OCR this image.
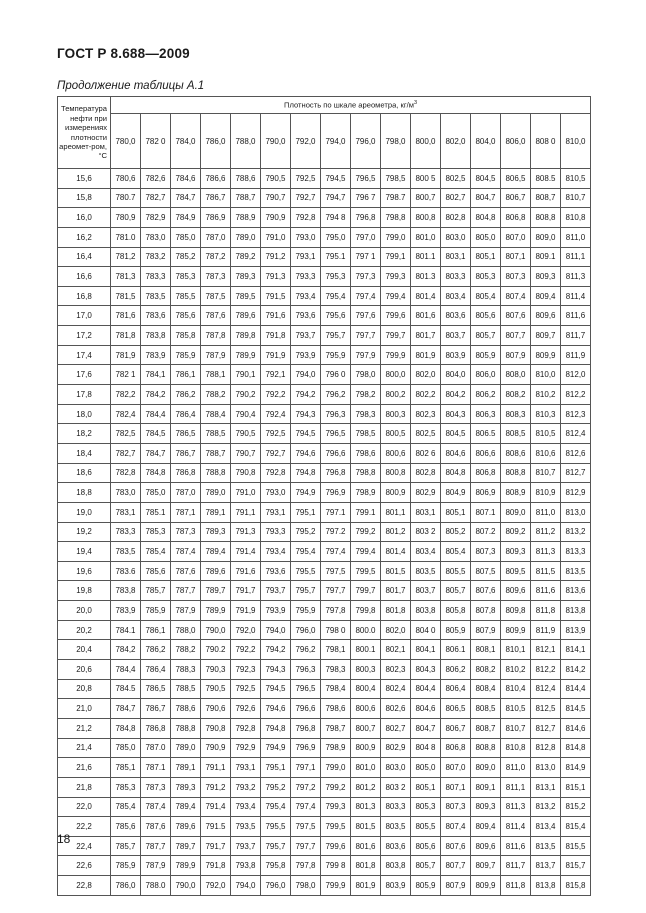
ГОСТ Р 8.688—2009
Продолжение таблицы А.1
Температура нефти при измерениях плотности ареомет-ром, °С	Плотность по шкале ареометра, $кг/м^3$
	780,0	782 0	784,0	786,0	788,0	790,0	792,0	794,0	796,0	798,0	800,0	802,0	804,0	806,0	808 0	810,0
15,6	780,6	782,6	784,6	786,6	788,6	790,5	792,5	794,5	796,5	798,5	800 5	802,5	804,5	806,5	808.5	810,5
15,8	780.7	782,7	784,7	786,7	788,7	790,7	792,7	794,7	796 7	798.7	800,7	802,7	804,7	806,7	808,7	810,7
16,0	780,9	782,9	784,9	786,9	788,9	790,9	792,8	794 8	796,8	798,8	800,8	802,8	804,8	806,8	808,8	810,8
16,2	781.0	783,0	785,0	787,0	789,0	791,0	793,0	795,0	797,0	799,0	801,0	803,0	805,0	807,0	809,0	811,0
16,4	781,2	783,2	785,2	787,2	789,2	791,2	793,1	795.1	797 1	799,1	801.1	803,1	805,1	807,1	809.1	811,1
16,6	781,3	783,3	785,3	787,3	789,3	791,3	793,3	795,3	797,3	799,3	801.3	803,3	805,3	807,3	809,3	811,3
16,8	781,5	783,5	785,5	787,5	789,5	791,5	793,4	795,4	797,4	799,4	801,4	803,4	805,4	807,4	809,4	811,4
17,0	781,6	783,6	785,6	787,6	789,6	791,6	793,6	795,6	797,6	799,6	801,6	803,6	805,6	807,6	809,6	811,6
17,2	781,8	783,8	785,8	787,8	789,8	791,8	793,7	795,7	797,7	799,7	801,7	803,7	805,7	807,7	809,7	811,7
17,4	781,9	783,9	785,9	787,9	789,9	791,9	793,9	795,9	797,9	799,9	801,9	803,9	805,9	807,9	809,9	811,9
17,6	782 1	784,1	786,1	788,1	790,1	792,1	794,0	796 0	798,0	800,0	802,0	804,0	806,0	808,0	810,0	812,0
17,8	782,2	784,2	786,2	788,2	790,2	792,2	794,2	796,2	798,2	800,2	802,2	804,2	806,2	808,2	810,2	812,2
18,0	782,4	784,4	786,4	788,4	790,4	792,4	794,3	796,3	798,3	800,3	802,3	804,3	806,3	808,3	810,3	812,3
18,2	782,5	784,5	786,5	788,5	790,5	792,5	794,5	796,5	798,5	800,5	802,5	804,5	806.5	808,5	810,5	812,4
18,4	782,7	784,7	786,7	788,7	790,7	792,7	794,6	796,6	798,6	800,6	802 6	804,6	806,6	808,6	810,6	812,6
18,6	782,8	784,8	786,8	788,8	790,8	792,8	794,8	796,8	798,8	800,8	802,8	804,8	806,8	808,8	810,7	812,7
18,8	783,0	785,0	787,0	789,0	791,0	793,0	794,9	796,9	798,9	800,9	802,9	804,9	806,9	808,9	810,9	812,9
19,0	783,1	785.1	787,1	789,1	791,1	793,1	795,1	797.1	799.1	801,1	803,1	805,1	807.1	809,0	811,0	813,0
19,2	783,3	785,3	787,3	789,3	791,3	793,3	795,2	797.2	799,2	801,2	803 2	805,2	807.2	809,2	811,2	813,2
19,4	783,5	785,4	787,4	789,4	791,4	793,4	795,4	797,4	799,4	801,4	803,4	805,4	807,3	809,3	811,3	813,3
19,6	783.6	785,6	787,6	789,6	791,6	793,6	795,5	797,5	799,5	801,5	803,5	805,5	807,5	809,5	811,5	813,5
19,8	783,8	785,7	787,7	789,7	791,7	793,7	795,7	797,7	799,7	801,7	803,7	805,7	807,6	809,6	811,6	813,6
20,0	783,9	785,9	787,9	789,9	791,9	793,9	795,9	797,8	799,8	801,8	803,8	805,8	807,8	809,8	811,8	813,8
20,2	784.1	786,1	788,0	790,0	792,0	794,0	796,0	798 0	800.0	802,0	804 0	805,9	807,9	809,9	811,9	813,9
20,4	784,2	786,2	788,2	790.2	792,2	794,2	796,2	798,1	800.1	802,1	804,1	806.1	808,1	810,1	812,1	814,1
20,6	784,4	786,4	788,3	790,3	792,3	794,3	796,3	798,3	800,3	802,3	804,3	806,2	808,2	810,2	812,2	814,2
20,8	784.5	786,5	788,5	790,5	792,5	794,5	796,5	798,4	800,4	802,4	804,4	806,4	808,4	810,4	812,4	814,4
21,0	784,7	786,7	788,6	790,6	792,6	794,6	796,6	798,6	800,6	802,6	804,6	806,5	808,5	810,5	812,5	814,5
21,2	784,8	786,8	788,8	790,8	792,8	794,8	796,8	798,7	800,7	802,7	804,7	806,7	808,7	810,7	812,7	814,6
21,4	785,0	787.0	789,0	790,9	792,9	794,9	796,9	798,9	800,9	802,9	804 8	806,8	808,8	810,8	812,8	814,8
21,6	785,1	787.1	789,1	791,1	793,1	795,1	797,1	799,0	801,0	803,0	805,0	807,0	809,0	811,0	813,0	814,9
21,8	785,3	787,3	789,3	791,2	793,2	795,2	797,2	799,2	801,2	803 2	805,1	807,1	809,1	811,1	813,1	815,1
22,0	785,4	787,4	789,4	791,4	793,4	795,4	797,4	799,3	801,3	803,3	805,3	807,3	809,3	811,3	813,2	815,2
22,2	785,6	787,6	789,6	791.5	793,5	795,5	797,5	799,5	801,5	803,5	805,5	807,4	809,4	811,4	813,4	815,4
22,4	785,7	787,7	789,7	791,7	793,7	795,7	797,7	799,6	801,6	803,6	805,6	807,6	809,6	811,6	813,5	815,5
22,6	785,9	787,9	789,9	791,8	793,8	795,8	797,8	799 8	801,8	803,8	805,7	807,7	809,7	811,7	813,7	815,7
22,8	786,0	788.0	790,0	792,0	794,0	796,0	798,0	799,9	801,9	803,9	805,9	807,9	809,9	811,8	813,8	815,8
18
